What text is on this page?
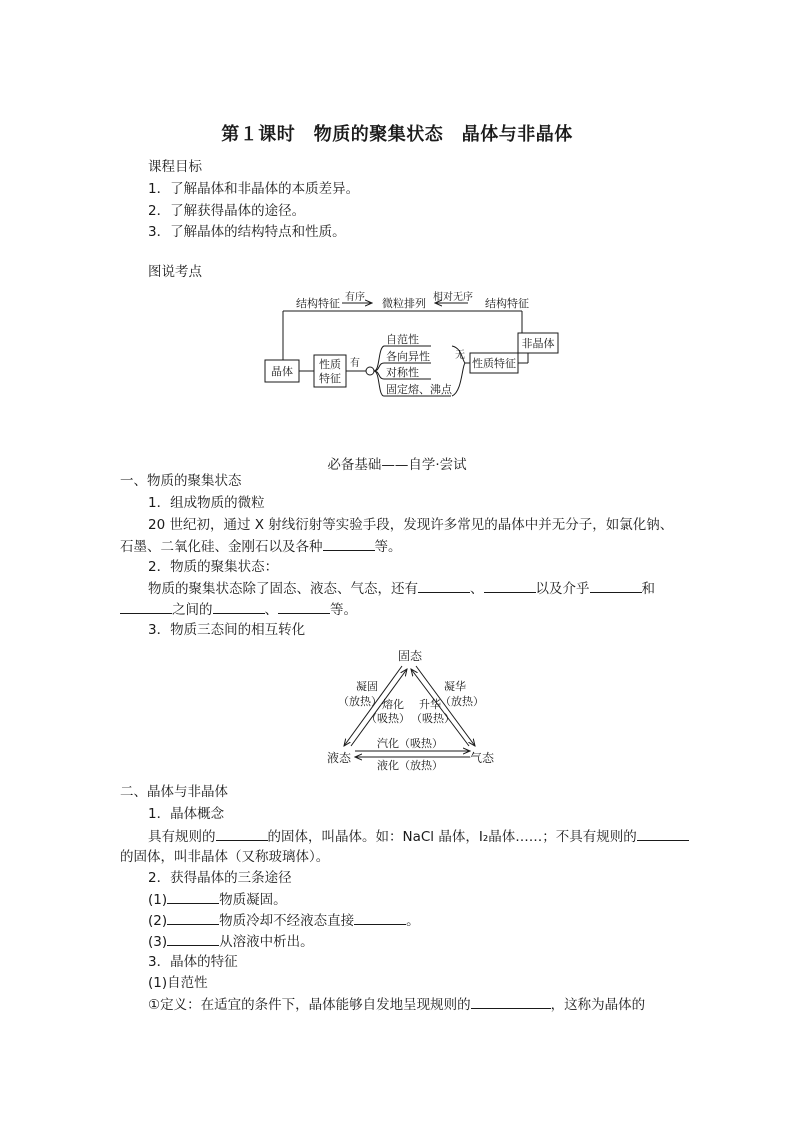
第１课时　物质的聚集状态　晶体与非晶体
课程目标
1．了解晶体和非晶体的本质差异。
2．了解获得晶体的途径。
3．了解晶体的结构特点和性质。
图说考点
晶体
结构特征 有序 微粒排列 相对无序 结构特征
非晶体
性质
特征
有
自范性
各向异性
对称性
固定熔、沸点
无
性质特征
必备基础——自学·尝试
一、物质的聚集状态
1．组成物质的微粒
20 世纪初，通过 X 射线衍射等实验手段，发现许多常见的晶体中并无分子，如氯化钠、
石墨、二氧化硅、金刚石以及各种	等。
2．物质的聚集状态：
物质的聚集状态除了固态、液态、气态，还有	、	以及介乎	和
之间的	、	等。
3．物质三态间的相互转化
固态
液态	气态
凝固
（放热） 熔化
（吸热）
升华
（吸热）
凝华
（放热）
汽化（吸热）
液化（放热）
二、晶体与非晶体
1．晶体概念
具有规则的	的固体，叫晶体。如：NaCl 晶体，I₂晶体……；不具有规则的
的固体，叫非晶体（又称玻璃体）。
2．获得晶体的三条途径
(1)	物质凝固。
(2)	物质冷却不经液态直接	。
(3)	从溶液中析出。
3．晶体的特征
(1)自范性
①定义：在适宜的条件下，晶体能够自发地呈现规则的	，这称为晶体的
